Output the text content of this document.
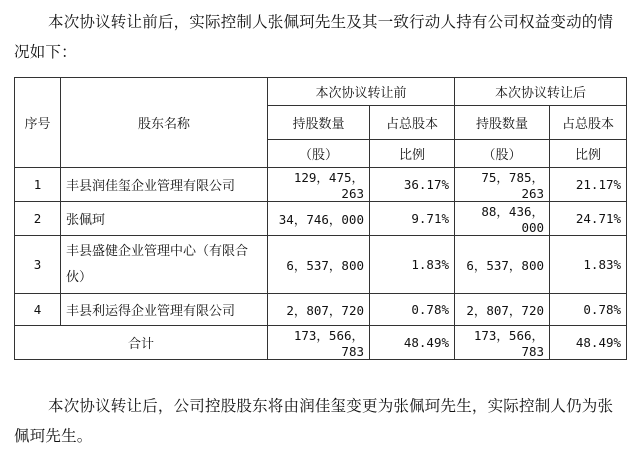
本次协议转让前后，实际控制人张佩珂先生及其一致行动人持有公司权益变动的情况如下：

序号	股东名称	本次协议转让前		本次协议转让后	
		持股数量	占总股本	持股数量	占总股本
		（股）	比例	（股）	比例
1	丰县润佳玺企业管理有限公司	129，475，263	36.17%	75，785，263	21.17%
2	张佩珂	34，746，000	9.71%	88，436，000	24.71%
3	丰县盛健企业管理中心（有限合伙）	6，537，800	1.83%	6，537，800	1.83%
4	丰县利运得企业管理有限公司	2，807，720	0.78%	2，807，720	0.78%
合计		173，566，783	48.49%	173，566，783	48.49%

本次协议转让后，公司控股股东将由润佳玺变更为张佩珂先生，实际控制人仍为张佩珂先生。
